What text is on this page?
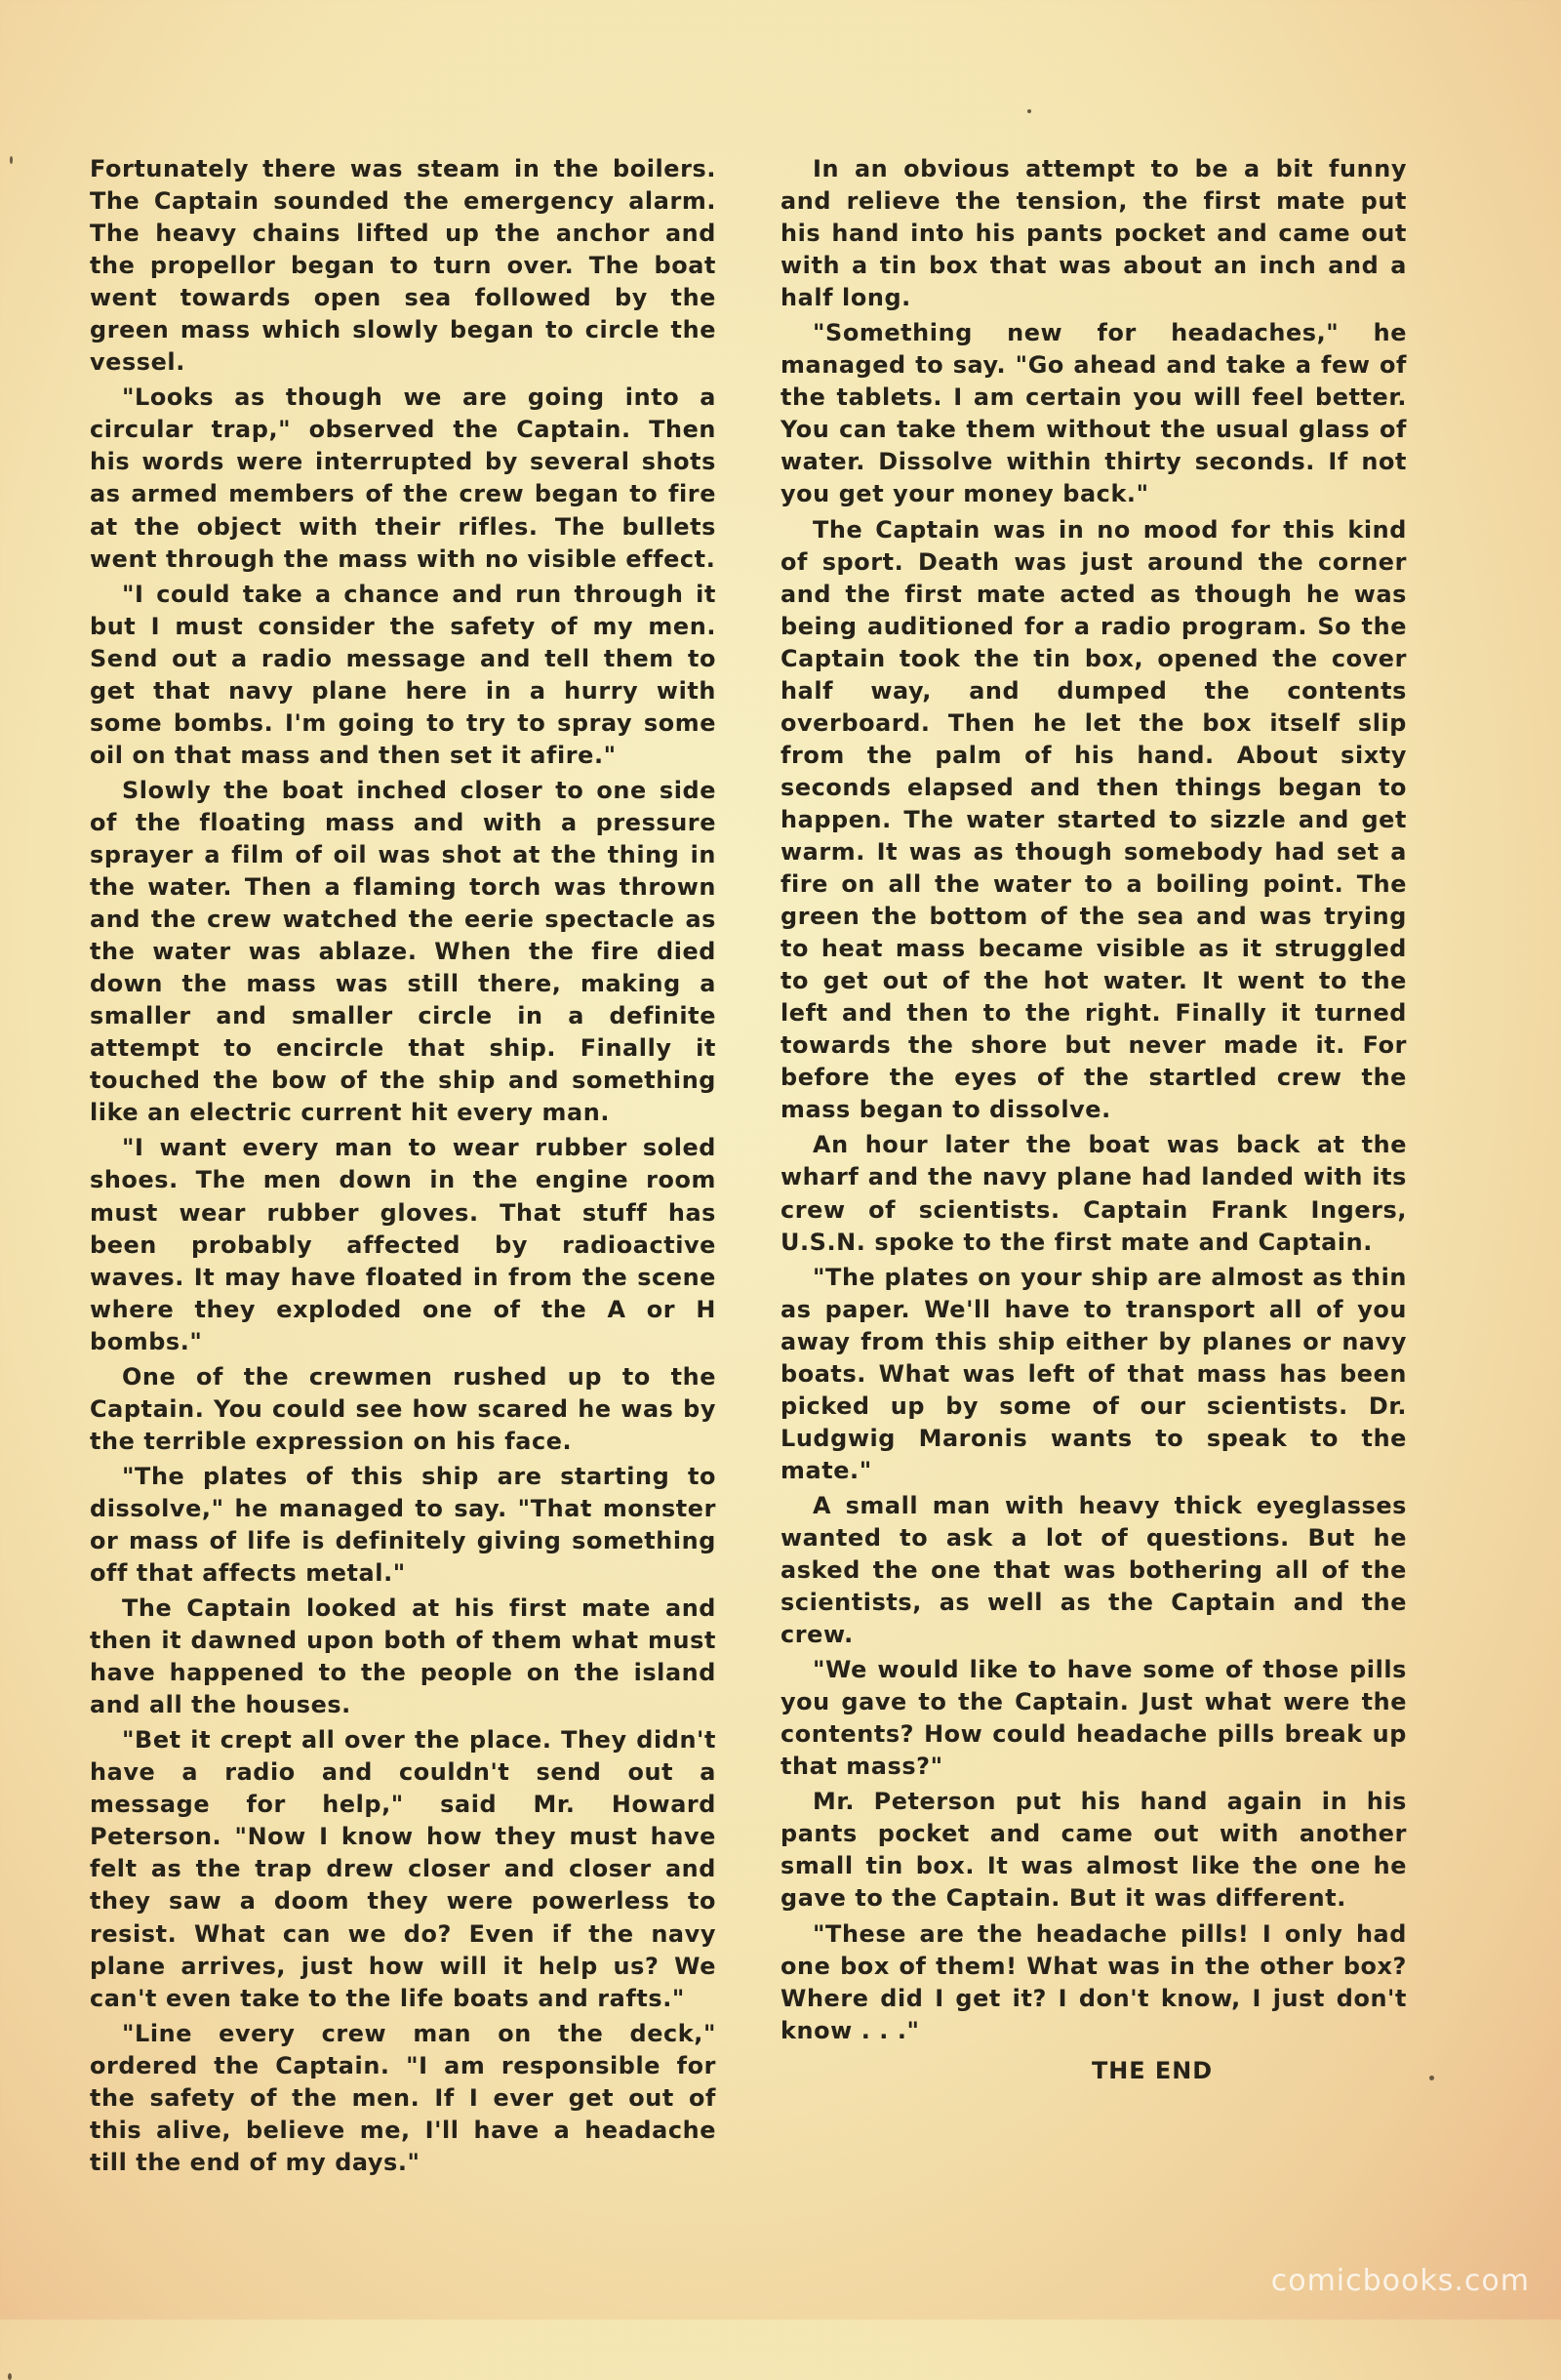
Fortunately there was steam in the boilers. The Captain sounded the emergency alarm. The heavy chains lifted up the anchor and the propellor began to turn over. The boat went towards open sea followed by the green mass which slowly began to circle the vessel.

"Looks as though we are going into a circular trap," observed the Captain. Then his words were interrupted by several shots as armed members of the crew began to fire at the object with their rifles. The bullets went through the mass with no visible effect.

"I could take a chance and run through it but I must consider the safety of my men. Send out a radio message and tell them to get that navy plane here in a hurry with some bombs. I'm going to try to spray some oil on that mass and then set it afire."

Slowly the boat inched closer to one side of the floating mass and with a pressure sprayer a film of oil was shot at the thing in the water. Then a flaming torch was thrown and the crew watched the eerie spectacle as the water was ablaze. When the fire died down the mass was still there, making a smaller and smaller circle in a definite attempt to encircle that ship. Finally it touched the bow of the ship and something like an electric current hit every man.

"I want every man to wear rubber soled shoes. The men down in the engine room must wear rubber gloves. That stuff has been probably affected by radioactive waves. It may have floated in from the scene where they exploded one of the A or H bombs."

One of the crewmen rushed up to the Captain. You could see how scared he was by the terrible expression on his face.

"The plates of this ship are starting to dissolve," he managed to say. "That monster or mass of life is definitely giving something off that affects metal."

The Captain looked at his first mate and then it dawned upon both of them what must have happened to the people on the island and all the houses.

"Bet it crept all over the place. They didn't have a radio and couldn't send out a message for help," said Mr. Howard Peterson. "Now I know how they must have felt as the trap drew closer and closer and they saw a doom they were powerless to resist. What can we do? Even if the navy plane arrives, just how will it help us? We can't even take to the life boats and rafts."

"Line every crew man on the deck," ordered the Captain. "I am responsible for the safety of the men. If I ever get out of this alive, believe me, I'll have a headache till the end of my days."

In an obvious attempt to be a bit funny and relieve the tension, the first mate put his hand into his pants pocket and came out with a tin box that was about an inch and a half long.

"Something new for headaches," he managed to say. "Go ahead and take a few of the tablets. I am certain you will feel better. You can take them without the usual glass of water. Dissolve within thirty seconds. If not you get your money back."

The Captain was in no mood for this kind of sport. Death was just around the corner and the first mate acted as though he was being auditioned for a radio program. So the Captain took the tin box, opened the cover half way, and dumped the contents overboard. Then he let the box itself slip from the palm of his hand. About sixty seconds elapsed and then things began to happen. The water started to sizzle and get warm. It was as though somebody had set a fire on all the water to a boiling point. The green the bottom of the sea and was trying to heat mass became visible as it struggled to get out of the hot water. It went to the left and then to the right. Finally it turned towards the shore but never made it. For before the eyes of the startled crew the mass began to dissolve.

An hour later the boat was back at the wharf and the navy plane had landed with its crew of scientists. Captain Frank Ingers, U.S.N. spoke to the first mate and Captain.

"The plates on your ship are almost as thin as paper. We'll have to transport all of you away from this ship either by planes or navy boats. What was left of that mass has been picked up by some of our scientists. Dr. Ludgwig Maronis wants to speak to the mate."

A small man with heavy thick eyeglasses wanted to ask a lot of questions. But he asked the one that was bothering all of the scientists, as well as the Captain and the crew.

"We would like to have some of those pills you gave to the Captain. Just what were the contents? How could headache pills break up that mass?"

Mr. Peterson put his hand again in his pants pocket and came out with another small tin box. It was almost like the one he gave to the Captain. But it was different.

"These are the headache pills! I only had one box of them! What was in the other box? Where did I get it? I don't know, I just don't know . . ."

THE END

comicbooks.com
